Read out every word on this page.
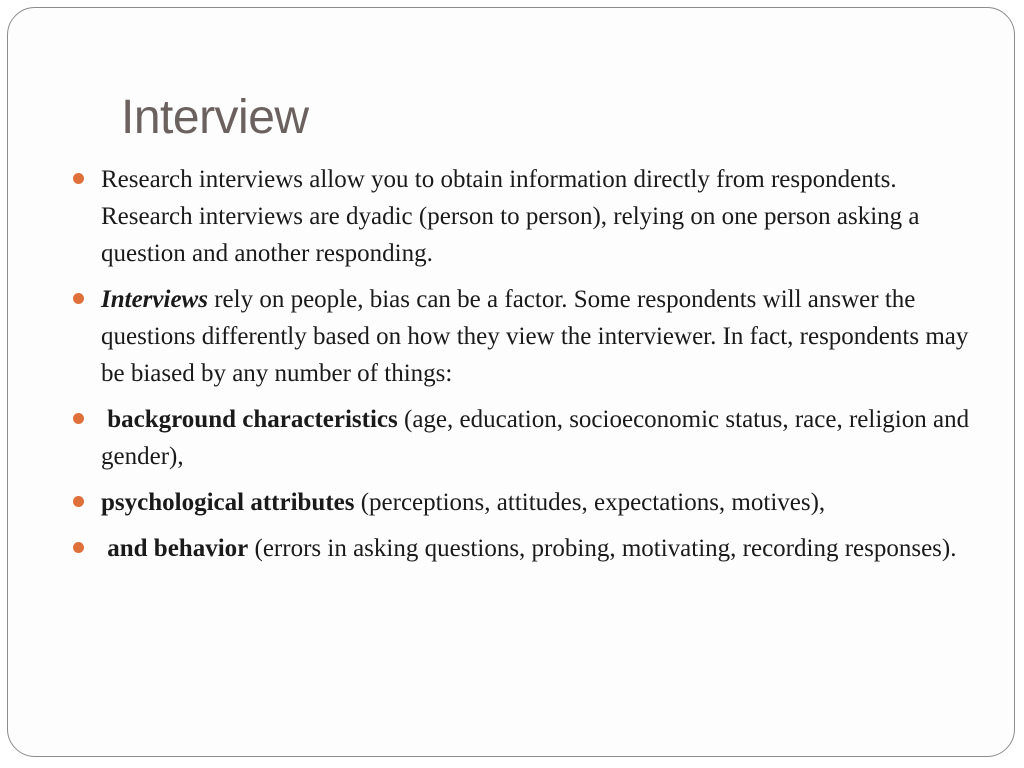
Interview
Research interviews allow you to obtain information directly from respondents. Research interviews are dyadic (person to person), relying on one person asking a question and another responding.
Interviews rely on people, bias can be a factor. Some respondents will answer the questions differently based on how they view the interviewer. In fact, respondents may be biased by any number of things:
background characteristics (age, education, socioeconomic status, race, religion and gender),
psychological attributes (perceptions, attitudes, expectations, motives),
and behavior (errors in asking questions, probing, motivating, recording responses).
